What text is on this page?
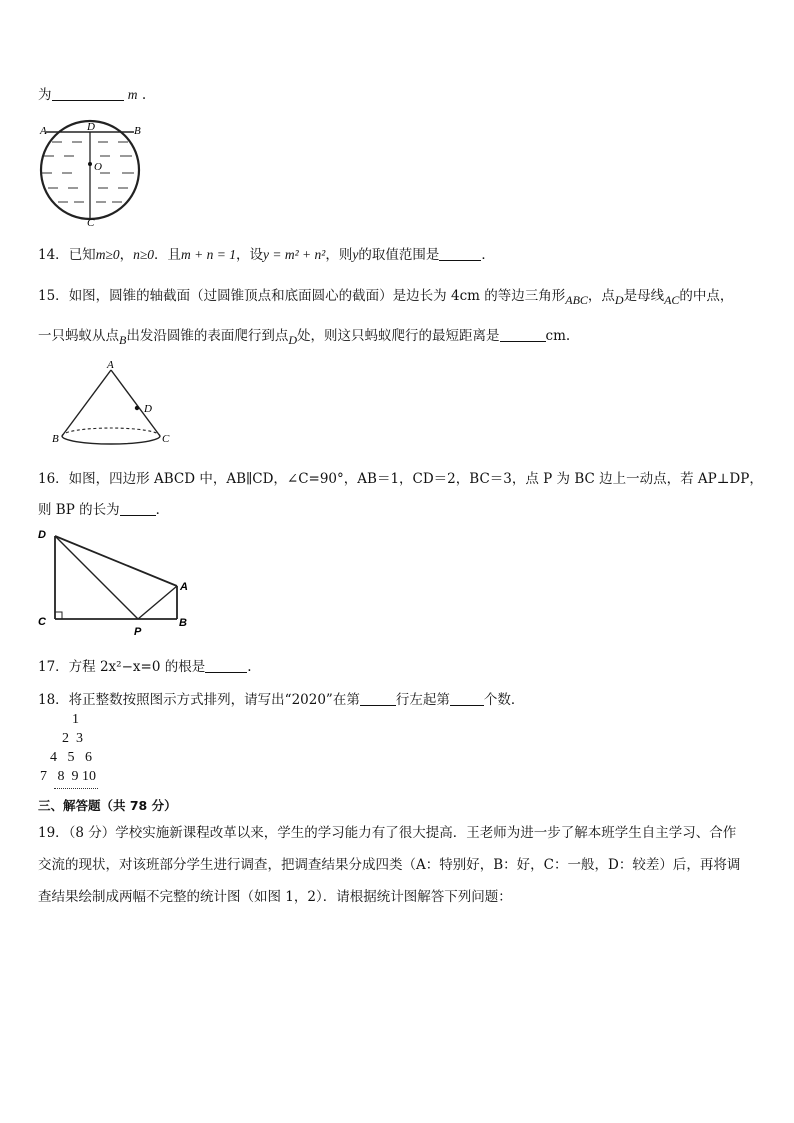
为	m .
A	B
D
O
C
14．已知m≥0，n≥0．且m + n = 1，设y = m² + n²，则y的取值范围是	．
15．如图，圆锥的轴截面（过圆锥顶点和底面圆心的截面）是边长为 4cm 的等边三角形ABC，点D是母线AC的中点，
一只蚂蚁从点B出发沿圆锥的表面爬行到点D处，则这只蚂蚁爬行的最短距离是	cm.
A
D
B	C
16．如图，四边形 ABCD 中，AB∥CD，∠C=90°，AB＝1，CD＝2，BC＝3，点 P 为 BC 边上一动点，若 AP⊥DP，
则 BP 的长为	．
D
C
P
B
A
17．方程 2x²−x=0 的根是	.
18．将正整数按照图示方式排列，请写出“2020”在第	行左起第	个数．
1
2  3
4   5   6
7   8  9 10
三、解答题（共 78 分）
19．（8 分）学校实施新课程改革以来，学生的学习能力有了很大提高．王老师为进一步了解本班学生自主学习、合作
交流的现状，对该班部分学生进行调查，把调查结果分成四类（A：特别好，B：好，C：一般，D：较差）后，再将调
查结果绘制成两幅不完整的统计图（如图 1，2）．请根据统计图解答下列问题：
